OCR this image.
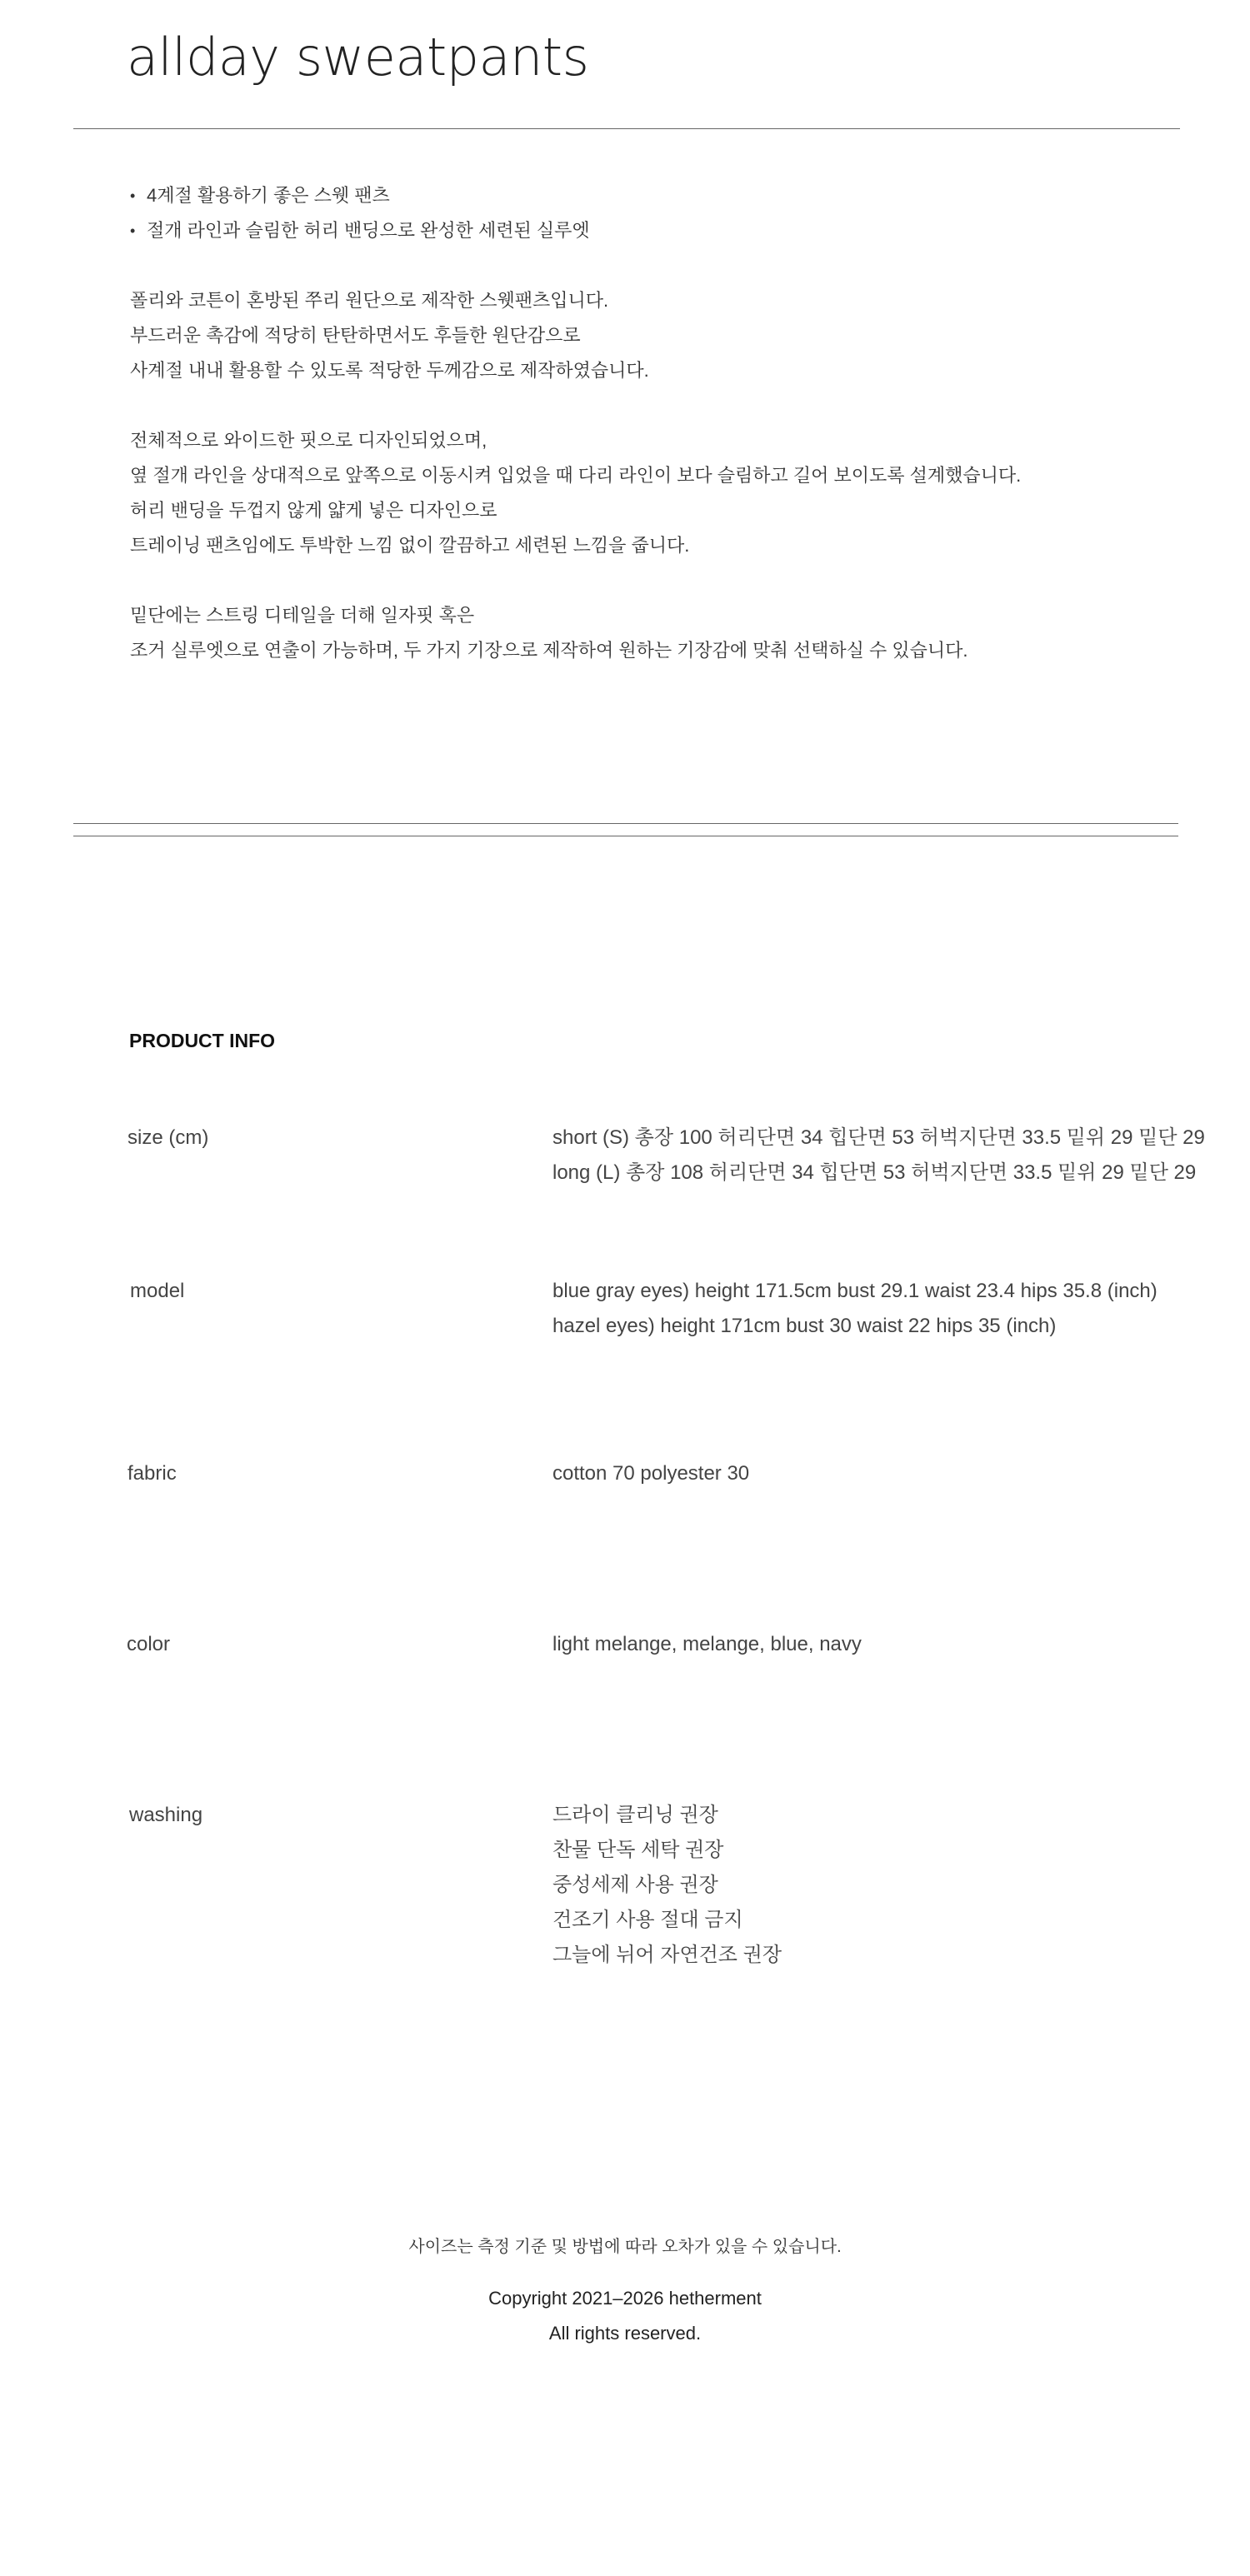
allday sweatpants
• 4계절 활용하기 좋은 스웻 팬츠
• 절개 라인과 슬림한 허리 밴딩으로 완성한 세련된 실루엣
폴리와 코튼이 혼방된 쭈리 원단으로 제작한 스웻팬츠입니다.
부드러운 촉감에 적당히 탄탄하면서도 후들한 원단감으로
사계절 내내 활용할 수 있도록 적당한 두께감으로 제작하였습니다.
전체적으로 와이드한 핏으로 디자인되었으며,
옆 절개 라인을 상대적으로 앞쪽으로 이동시켜 입었을 때 다리 라인이 보다 슬림하고 길어 보이도록 설계했습니다.
허리 밴딩을 두껍지 않게 얇게 넣은 디자인으로
트레이닝 팬츠임에도 투박한 느낌 없이 깔끔하고 세련된 느낌을 줍니다.
밑단에는 스트링 디테일을 더해 일자핏 혹은
조거 실루엣으로 연출이 가능하며, 두 가지 기장으로 제작하여 원하는 기장감에 맞춰 선택하실 수 있습니다.
PRODUCT INFO
size (cm)	short (S) 총장 100 허리단면 34 힙단면 53 허벅지단면 33.5 밑위 29 밑단 29
long (L) 총장 108 허리단면 34 힙단면 53 허벅지단면 33.5 밑위 29 밑단 29
model	blue gray eyes) height 171.5cm bust 29.1 waist 23.4 hips 35.8 (inch)
hazel eyes) height 171cm bust 30 waist 22 hips 35 (inch)
fabric	cotton 70 polyester 30
color	light melange, melange, blue, navy
washing	드라이 클리닝 권장
찬물 단독 세탁 권장
중성세제 사용 권장
건조기 사용 절대 금지
그늘에 뉘어 자연건조 권장
사이즈는 측정 기준 및 방법에 따라 오차가 있을 수 있습니다.
Copyright 2021–2026 hetherment
All rights reserved.
